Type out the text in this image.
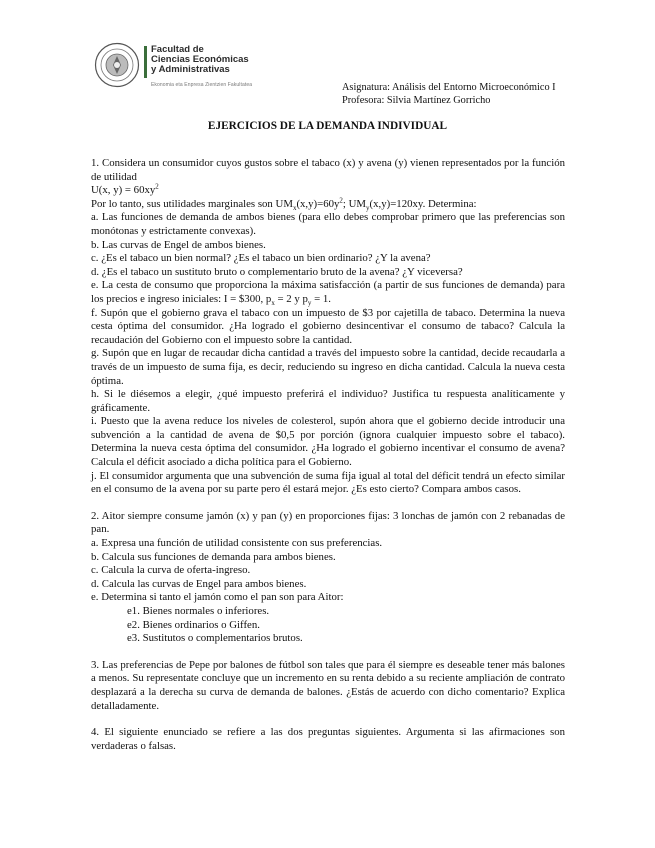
Facultad de
Ciencias Económicas
y Administrativas
Ekonomia eta Enpresa Zientzien Fakultatea	Asignatura: Análisis del Entorno Microeconómico I
Profesora: Silvia Martínez Gorricho
EJERCICIOS DE LA DEMANDA INDIVIDUAL

1. Considera un consumidor cuyos gustos sobre el tabaco (x) y avena (y) vienen representados por la función de utilidad

U(x, $y) = 60xy^2$

Por lo tanto, sus utilidades marginales son $UM_x(x,y)=60y^2$; $UM_y(x,y)=120xy$. Determina:

a. Las funciones de demanda de ambos bienes (para ello debes comprobar primero que las preferencias son monótonas y estrictamente convexas).

b. Las curvas de Engel de ambos bienes.

c. ¿Es el tabaco un bien normal? ¿Es el tabaco un bien ordinario? ¿Y la avena?

d. ¿Es el tabaco un sustituto bruto o complementario bruto de la avena? ¿Y viceversa?

e. La cesta de consumo que proporciona la máxima satisfacción (a partir de sus funciones de demanda) para los precios e ingreso iniciales: I = $300, $p_x = 2$ y $p_y = 1$.

f. Supón que el gobierno grava el tabaco con un impuesto de $3 por cajetilla de tabaco. Determina la nueva cesta óptima del consumidor. ¿Ha logrado el gobierno desincentivar el consumo de tabaco? Calcula la recaudación del Gobierno con el impuesto sobre la cantidad.

g. Supón que en lugar de recaudar dicha cantidad a través del impuesto sobre la cantidad, decide recaudarla a través de un impuesto de suma fija, es decir, reduciendo su ingreso en dicha cantidad. Calcula la nueva cesta óptima.

h. Si le diésemos a elegir, ¿qué impuesto preferirá el individuo? Justifica tu respuesta analíticamente y gráficamente.

i. Puesto que la avena reduce los niveles de colesterol, supón ahora que el gobierno decide introducir una subvención a la cantidad de avena de $0,5 por porción (ignora cualquier impuesto sobre el tabaco). Determina la nueva cesta óptima del consumidor. ¿Ha logrado el gobierno incentivar el consumo de avena? Calcula el déficit asociado a dicha política para el Gobierno.

j. El consumidor argumenta que una subvención de suma fija igual al total del déficit tendrá un efecto similar en el consumo de la avena por su parte pero él estará mejor. ¿Es esto cierto? Compara ambos casos.

2. Aitor siempre consume jamón (x) y pan (y) en proporciones fijas: 3 lonchas de jamón con 2 rebanadas de pan.

a. Expresa una función de utilidad consistente con sus preferencias.

b. Calcula sus funciones de demanda para ambos bienes.

c. Calcula la curva de oferta-ingreso.

d. Calcula las curvas de Engel para ambos bienes.

e. Determina si tanto el jamón como el pan son para Aitor:

e1. Bienes normales o inferiores.

e2. Bienes ordinarios o Giffen.

e3. Sustitutos o complementarios brutos.

3. Las preferencias de Pepe por balones de fútbol son tales que para él siempre es deseable tener más balones a menos. Su representate concluye que un incremento en su renta debido a su reciente ampliación de contrato desplazará a la derecha su curva de demanda de balones. ¿Estás de acuerdo con dicho comentario? Explica detalladamente.

4. El siguiente enunciado se refiere a las dos preguntas siguientes. Argumenta si las afirmaciones son verdaderas o falsas.
